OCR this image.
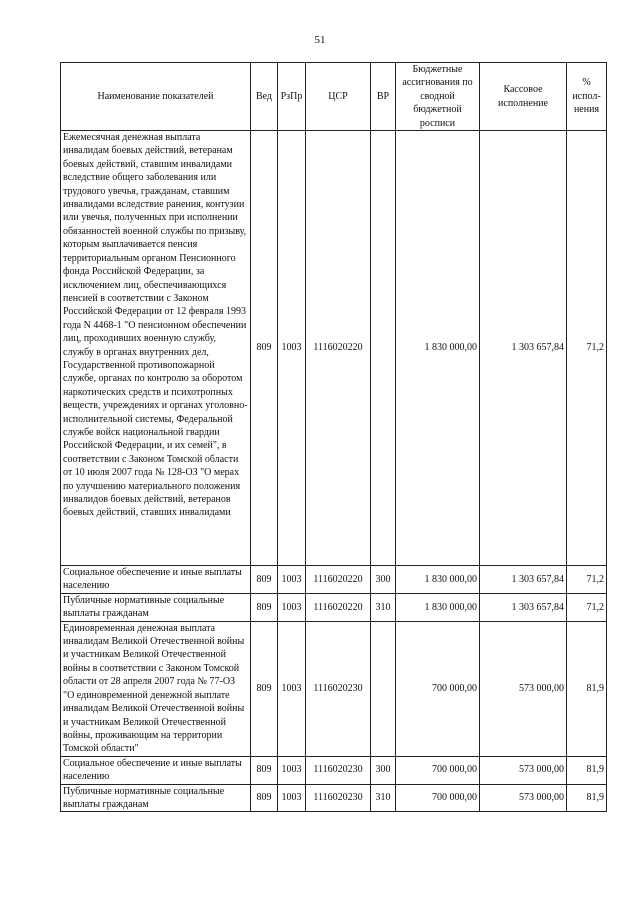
51
Наименование показателей	Вед	РзПр	ЦСР	ВР	Бюджетные ассигнования по сводной бюджетной росписи	Кассовое исполнение	% испол-нения

Ежемесячная денежная выплата инвалидам боевых действий, ветеранам боевых действий, ставшим инвалидами вследствие общего заболевания или трудового увечья, гражданам, ставшим инвалидами вследствие ранения, контузии или увечья, полученных при исполнении обязанностей военной службы по призыву, которым выплачивается пенсия территориальным органом Пенсионного фонда Российской Федерации, за исключением лиц, обеспечивающихся пенсией в соответствии с Законом Российской Федерации от 12 февраля 1993 года N 4468-1 "О пенсионном обеспечении лиц, проходивших военную службу, службу в органах внутренних дел, Государственной противопожарной службе, органах по контролю за оборотом наркотических средств и психотропных веществ, учреждениях и органах уголовно-исполнительной системы, Федеральной службе войск национальной гвардии Российской Федерации, и их семей", в соответствии с Законом Томской области от 10 июля 2007 года № 128-ОЗ "О мерах по улучшению материального положения инвалидов боевых действий, ветеранов боевых действий, ставших инвалидами	809	1003	1116020220		1 830 000,00	1 303 657,84	71,2
Социальное обеспечение и иные выплаты населению	809	1003	1116020220	300	1 830 000,00	1 303 657,84	71,2
Публичные нормативные социальные выплаты гражданам	809	1003	1116020220	310	1 830 000,00	1 303 657,84	71,2
Единовременная денежная выплата инвалидам Великой Отечественной войны и участникам Великой Отечественной войны в соответствии с Законом Томской области от 28 апреля 2007 года № 77-ОЗ "О единовременной денежной выплате инвалидам Великой Отечественной войны и участникам Великой Отечественной войны, проживающим на территории Томской области"	809	1003	1116020230		700 000,00	573 000,00	81,9
Социальное обеспечение и иные выплаты населению	809	1003	1116020230	300	700 000,00	573 000,00	81,9
Публичные нормативные социальные выплаты гражданам	809	1003	1116020230	310	700 000,00	573 000,00	81,9
